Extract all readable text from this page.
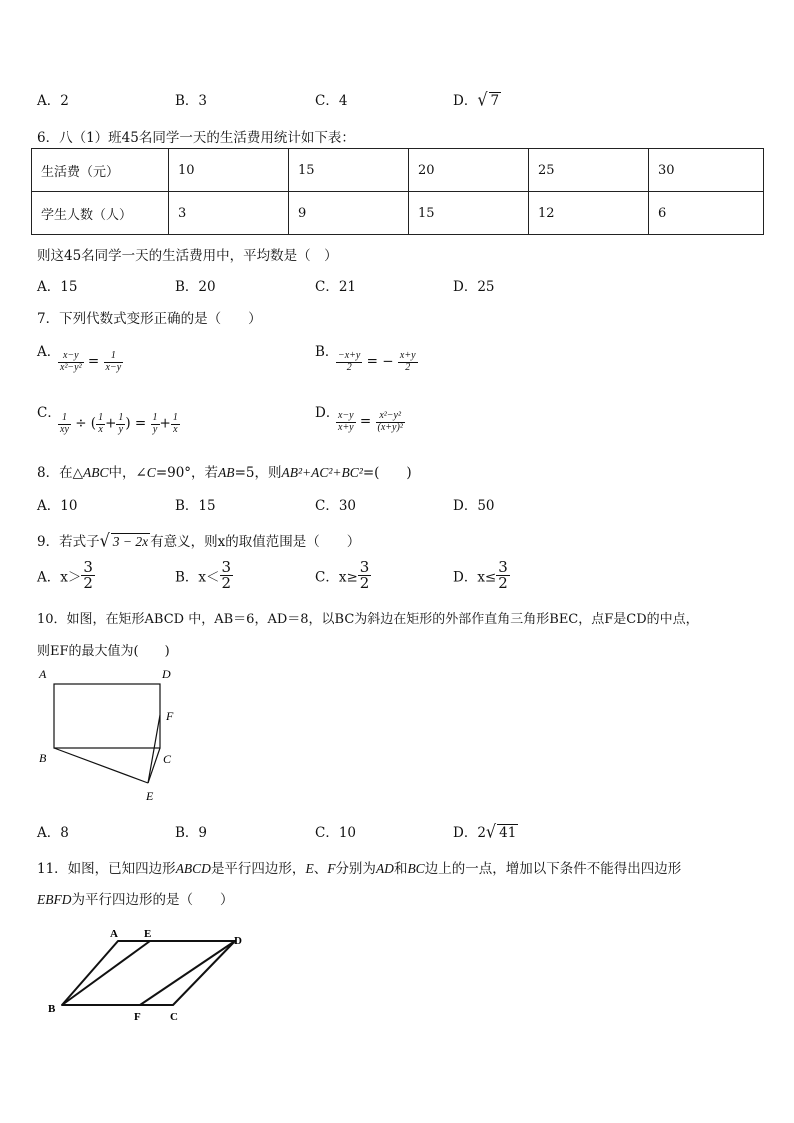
A．2	B．3	C．4	D．√ 7
6．八（1）班45名同学一天的生活费用统计如下表：
生活费（元）	10	15	20	25	30
学生人数（人）	3	9	15	12	6
则这45名同学一天的生活费用中，平均数是（　）
A．15	B．20	C．21	D．25
7．下列代数式变形正确的是（　　）
A．
$\frac{x-y}{\text{x²−y²}} = \frac{1}{x-y}$	B．
$\frac{-x+y}{2}$ = − $\frac{x+y}{2}$
C．
$\frac{1}{xy}$ ÷ ( $\frac{1}{x} + \frac{1}{y}$ ) = $\frac{1}{y} + \frac{1}{x}$	D．
$\frac{x-y}{x+y} = \frac{\text{x²−y²}}{\text{(x+y)²}}$
8．在△ABC中，∠C=90°，若AB=5，则AB²+AC²+BC²=(　　)
A．10	B．15	C．30	D．50
9．若式子√ 3 − 2x 有意义，则x的取值范围是（　　）
A．$x> \frac{3}{2}$	B．$x< \frac{3}{2}$	C．$x\ge \frac{3}{2}$	D．$x\le \frac{3}{2}$
10．如图，在矩形ABCD 中，AB＝6，AD＝8，以BC为斜边在矩形的外部作直角三角形BEC，点F是CD的中点，
则EF的最大值为(　　)
A	D
F
B	C
E
A．8	B．9	C．10	D．2√ 41
11．如图，已知四边形ABCD是平行四边形，E、F分别为AD和BC边上的一点，增加以下条件不能得出四边形
EBFD为平行四边形的是（　　）
A E
D
B
F	C
